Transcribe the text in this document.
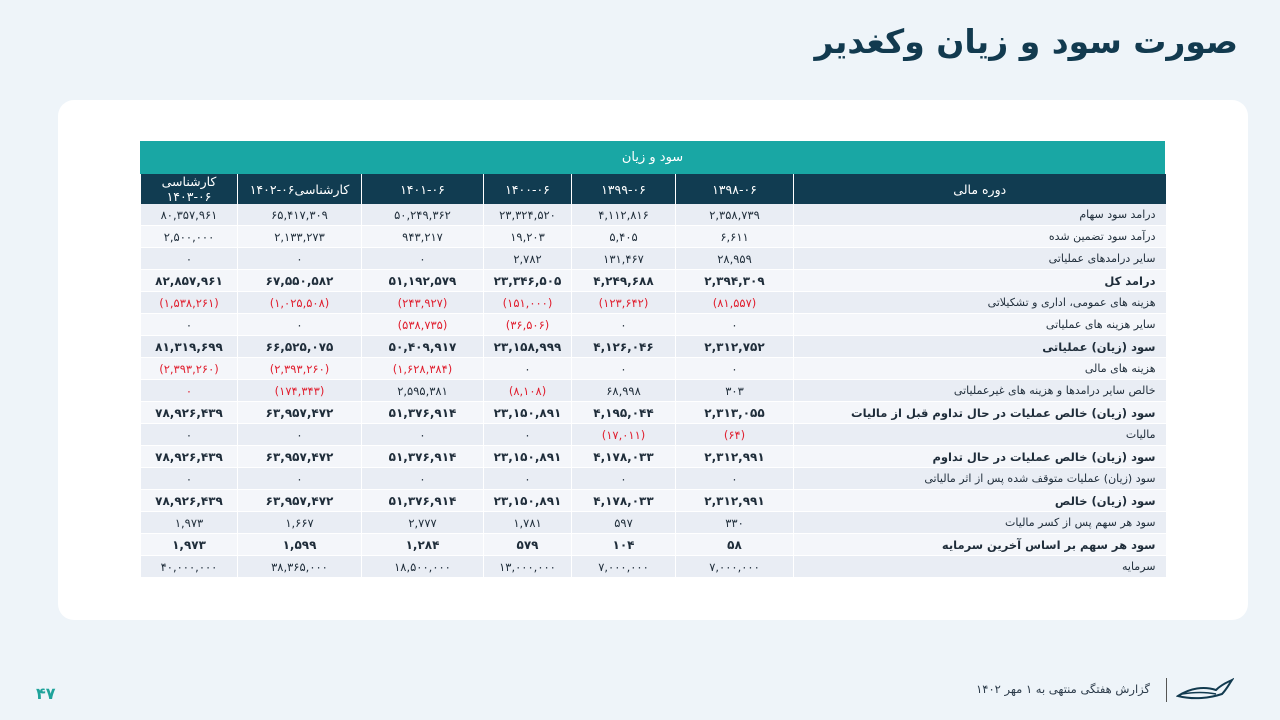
صورت سود و زیان وکغدیر
سود و زیان
دوره مالی	۱۳۹۸-۰۶	۱۳۹۹-۰۶	۱۴۰۰-۰۶	۱۴۰۱-۰۶	کارشناسی۰۶-۱۴۰۲	کارشناسی ۰۶-۱۴۰۳
درامد سود سهام	۲,۳۵۸,۷۳۹	۴,۱۱۲,۸۱۶	۲۳,۳۲۴,۵۲۰	۵۰,۲۴۹,۳۶۲	۶۵,۴۱۷,۳۰۹	۸۰,۳۵۷,۹۶۱
درآمد سود تضمین شده	۶,۶۱۱	۵,۴۰۵	۱۹,۲۰۳	۹۴۳,۲۱۷	۲,۱۳۳,۲۷۳	۲,۵۰۰,۰۰۰
سایر درامدهای عملیاتی	۲۸,۹۵۹	۱۳۱,۴۶۷	۲,۷۸۲	۰	۰	۰
درامد کل	۲,۳۹۴,۳۰۹	۴,۲۴۹,۶۸۸	۲۳,۳۴۶,۵۰۵	۵۱,۱۹۲,۵۷۹	۶۷,۵۵۰,۵۸۲	۸۲,۸۵۷,۹۶۱
هزینه های عمومی، اداری و تشکیلاتی	(۸۱,۵۵۷)	(۱۲۳,۶۴۲)	(۱۵۱,۰۰۰)	(۲۴۳,۹۲۷)	(۱,۰۲۵,۵۰۸)	(۱,۵۳۸,۲۶۱)
سایر هزینه های عملیاتی	۰	۰	(۳۶,۵۰۶)	(۵۳۸,۷۳۵)	۰	۰
سود (زیان) عملیاتی	۲,۳۱۲,۷۵۲	۴,۱۲۶,۰۴۶	۲۳,۱۵۸,۹۹۹	۵۰,۴۰۹,۹۱۷	۶۶,۵۲۵,۰۷۵	۸۱,۳۱۹,۶۹۹
هزینه های مالی	۰	۰	۰	(۱,۶۲۸,۳۸۴)	(۲,۳۹۳,۲۶۰)	(۲,۳۹۳,۲۶۰)
خالص سایر درامدها و هزینه های غیرعملیاتی	۳۰۳	۶۸,۹۹۸	(۸,۱۰۸)	۲,۵۹۵,۳۸۱	(۱۷۴,۳۴۳)	۰
سود (زیان) خالص عملیات در حال تداوم قبل از مالیات	۲,۳۱۳,۰۵۵	۴,۱۹۵,۰۴۴	۲۳,۱۵۰,۸۹۱	۵۱,۳۷۶,۹۱۴	۶۳,۹۵۷,۴۷۲	۷۸,۹۲۶,۴۳۹
مالیات	(۶۴)	(۱۷,۰۱۱)	۰	۰	۰	۰
سود (زیان) خالص عملیات در حال تداوم	۲,۳۱۲,۹۹۱	۴,۱۷۸,۰۳۳	۲۳,۱۵۰,۸۹۱	۵۱,۳۷۶,۹۱۴	۶۳,۹۵۷,۴۷۲	۷۸,۹۲۶,۴۳۹
سود (زیان) عملیات متوقف شده پس از اثر مالیاتی	۰	۰	۰	۰	۰	۰
سود (زیان) خالص	۲,۳۱۲,۹۹۱	۴,۱۷۸,۰۳۳	۲۳,۱۵۰,۸۹۱	۵۱,۳۷۶,۹۱۴	۶۳,۹۵۷,۴۷۲	۷۸,۹۲۶,۴۳۹
سود هر سهم پس از کسر مالیات	۳۳۰	۵۹۷	۱,۷۸۱	۲,۷۷۷	۱,۶۶۷	۱,۹۷۳
سود هر سهم بر اساس آخرین سرمایه	۵۸	۱۰۴	۵۷۹	۱,۲۸۴	۱,۵۹۹	۱,۹۷۳
سرمایه	۷,۰۰۰,۰۰۰	۷,۰۰۰,۰۰۰	۱۳,۰۰۰,۰۰۰	۱۸,۵۰۰,۰۰۰	۳۸,۳۶۵,۰۰۰	۴۰,۰۰۰,۰۰۰
گزارش هفتگی منتهی به ۱ مهر ۱۴۰۲
۴۷
